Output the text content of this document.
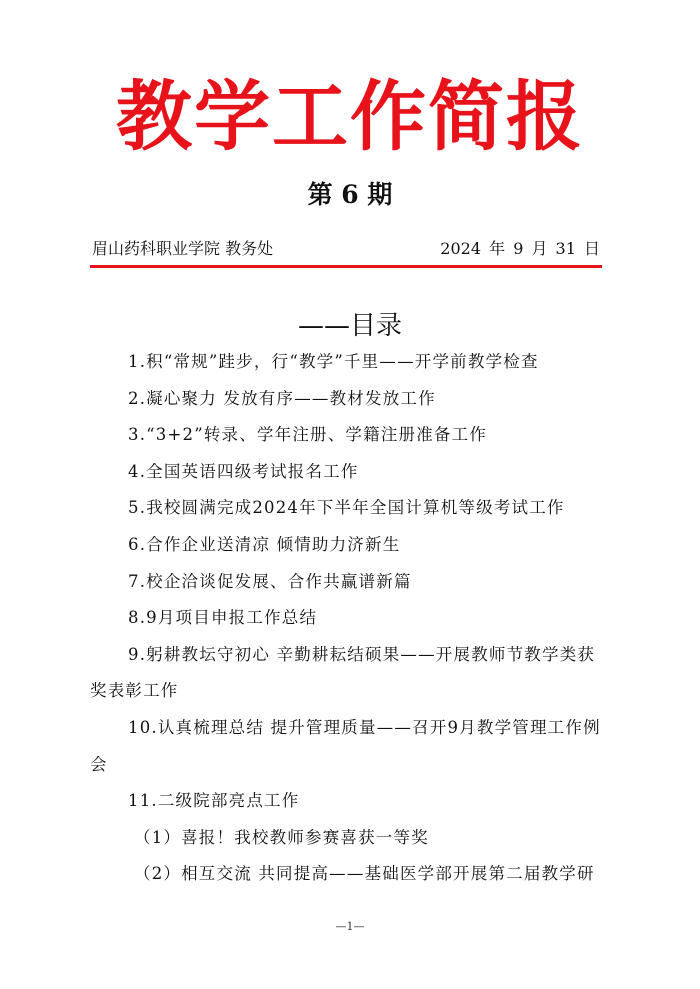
教学工作简报
第 6 期
眉山药科职业学院 教务处	2024 年 9 月 31 日
——目录
1.积“常规”跬步，行“教学”千里——开学前教学检查
2.凝心聚力 发放有序——教材发放工作
3.“3+2”转录、学年注册、学籍注册准备工作
4.全国英语四级考试报名工作
5.我校圆满完成2024年下半年全国计算机等级考试工作
6.合作企业送清凉 倾情助力济新生
7.校企洽谈促发展、合作共赢谱新篇
8.9月项目申报工作总结
9.躬耕教坛守初心 辛勤耕耘结硕果——开展教师节教学类获奖表彰工作
10.认真梳理总结 提升管理质量——召开9月教学管理工作例会
11.二级院部亮点工作
（1）喜报！我校教师参赛喜获一等奖
（2）相互交流 共同提高——基础医学部开展第二届教学研
—1—
